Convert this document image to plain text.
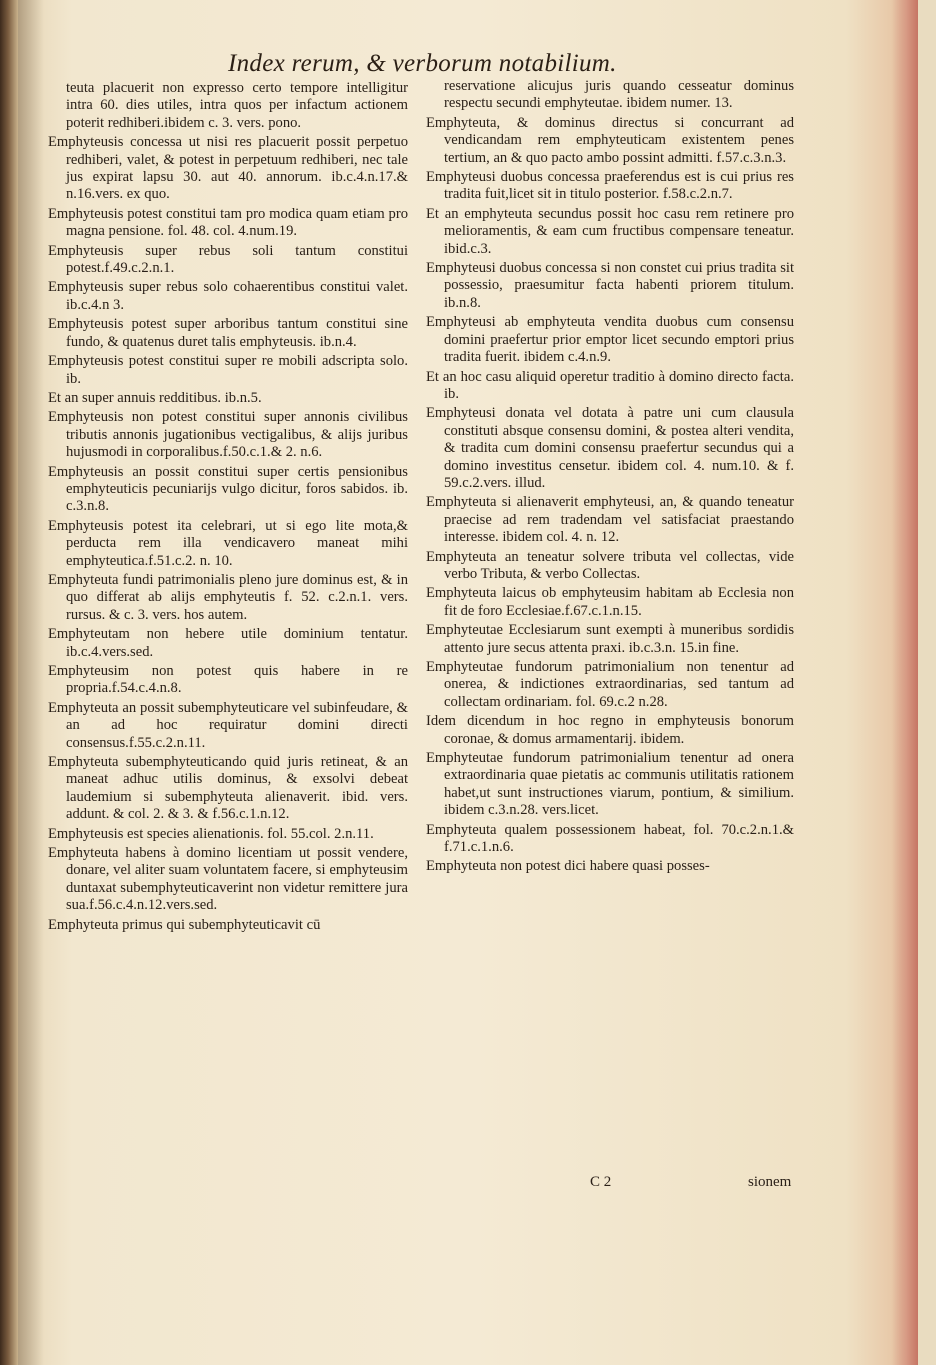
Index rerum, & verborum notabilium.
teuta placuerit non expresso certo tempore intelligitur intra 60. dies utiles, intra quos per infactum actionem poterit redhiberi.ibidem c. 3. vers. pono.
Emphyteusis concessa ut nisi res placuerit possit perpetuo redhiberi, valet, & potest in perpetuum redhiberi, nec tale jus expirat lapsu 30. aut 40. annorum. ib.c.4.n.17.& n.16.vers. ex quo.
Emphyteusis potest constitui tam pro modica quam etiam pro magna pensione. fol. 48. col. 4.num.19.
Emphyteusis super rebus soli tantum constitui potest.f.49.c.2.n.1.
Emphyteusis super rebus solo cohaerentibus constitui valet. ib.c.4.n 3.
Emphyteusis potest super arboribus tantum constitui sine fundo, & quatenus duret talis emphyteusis. ib.n.4.
Emphyteusis potest constitui super re mobili adscripta solo. ib.
Et an super annuis redditibus. ib.n.5.
Emphyteusis non potest constitui super annonis civilibus tributis annonis jugationibus vectigalibus, & alijs juribus hujusmodi in corporalibus.f.50.c.1.& 2. n.6.
Emphyteusis an possit constitui super certis pensionibus emphyteuticis pecuniarijs vulgo dicitur, foros sabidos. ib. c.3.n.8.
Emphyteusis potest ita celebrari, ut si ego lite mota,& perducta rem illa vendicavero maneat mihi emphyteutica.f.51.c.2. n. 10.
Emphyteuta fundi patrimonialis pleno jure dominus est, & in quo differat ab alijs emphyteutis f. 52. c.2.n.1. vers. rursus. & c. 3. vers. hos autem.
Emphyteutam non hebere utile dominium tentatur. ib.c.4.vers.sed.
Emphyteusim non potest quis habere in re propria.f.54.c.4.n.8.
Emphyteuta an possit subemphyteuticare vel subinfeudare, & an ad hoc requiratur domini directi consensus.f.55.c.2.n.11.
Emphyteuta subemphyteuticando quid juris retineat, & an maneat adhuc utilis dominus, & exsolvi debeat laudemium si subemphyteuta alienaverit. ibid. vers. addunt. & col. 2. & 3. & f.56.c.1.n.12.
Emphyteusis est species alienationis. fol. 55.col. 2.n.11.
Emphyteuta habens à domino licentiam ut possit vendere, donare, vel aliter suam voluntatem facere, si emphyteusim duntaxat subemphyteuticaverint non videtur remittere jura sua.f.56.c.4.n.12.vers.sed.
Emphyteuta primus qui subemphyteuticavit cū
reservatione alicujus juris quando cesseatur dominus respectu secundi emphyteutae. ibidem numer. 13.
Emphyteuta, & dominus directus si concurrant ad vendicandam rem emphyteuticam existentem penes tertium, an & quo pacto ambo possint admitti. f.57.c.3.n.3.
Emphyteusi duobus concessa praeferendus est is cui prius res tradita fuit,licet sit in titulo posterior. f.58.c.2.n.7.
Et an emphyteuta secundus possit hoc casu rem retinere pro melioramentis, & eam cum fructibus compensare teneatur. ibid.c.3.
Emphyteusi duobus concessa si non constet cui prius tradita sit possessio, praesumitur facta habenti priorem titulum. ib.n.8.
Emphyteusi ab emphyteuta vendita duobus cum consensu domini praefertur prior emptor licet secundo emptori prius tradita fuerit. ibidem c.4.n.9.
Et an hoc casu aliquid operetur traditio à domino directo facta. ib.
Emphyteusi donata vel dotata à patre uni cum clausula constituti absque consensu domini, & postea alteri vendita, & tradita cum domini consensu praefertur secundus qui a domino investitus censetur. ibidem col. 4. num.10. & f. 59.c.2.vers. illud.
Emphyteuta si alienaverit emphyteusi, an, & quando teneatur praecise ad rem tradendam vel satisfaciat praestando interesse. ibidem col. 4. n. 12.
Emphyteuta an teneatur solvere tributa vel collectas, vide verbo Tributa, & verbo Collectas.
Emphyteuta laicus ob emphyteusim habitam ab Ecclesia non fit de foro Ecclesiae.f.67.c.1.n.15.
Emphyteutae Ecclesiarum sunt exempti à muneribus sordidis attento jure secus attenta praxi. ib.c.3.n. 15.in fine.
Emphyteutae fundorum patrimonialium non tenentur ad onerea, & indictiones extraordinarias, sed tantum ad collectam ordinariam. fol. 69.c.2 n.28.
Idem dicendum in hoc regno in emphyteusis bonorum coronae, & domus armamentarij. ibidem.
Emphyteutae fundorum patrimonialium tenentur ad onera extraordinaria quae pietatis ac communis utilitatis rationem habet,ut sunt instructiones viarum, pontium, & similium. ibidem c.3.n.28. vers.licet.
Emphyteuta qualem possessionem habeat, fol. 70.c.2.n.1.& f.71.c.1.n.6.
Emphyteuta non potest dici habere quasi posses-
C 2	sionem
